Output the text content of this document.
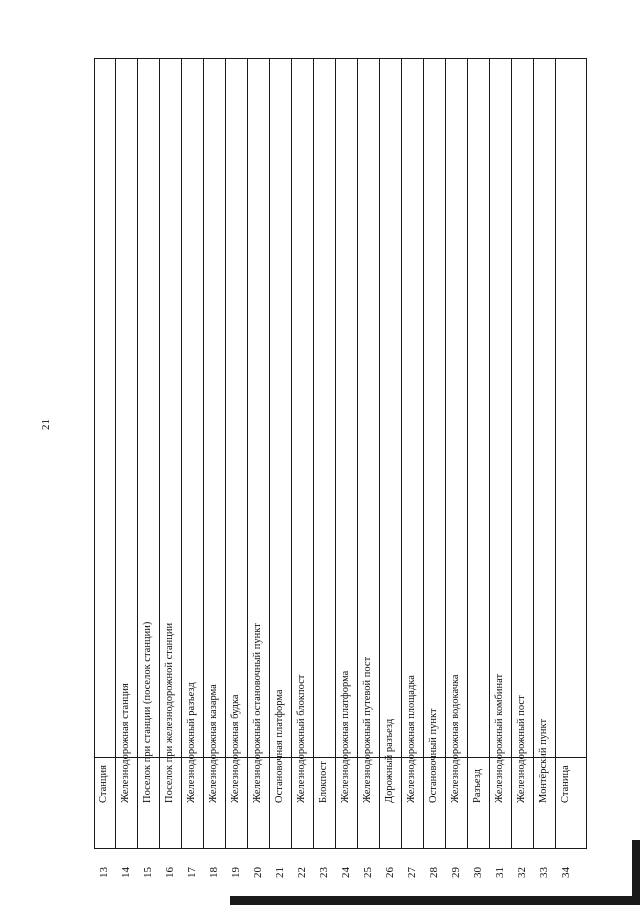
21
13
Станция
14
Железнодорожная станция
15
Поселок при станции (поселок станции)
16
Поселок при железнодорожной станции
17
Железнодорожный разъезд
18
Железнодорожная казарма
19
Железнодорожная будка
20
Железнодорожный остановочный пункт
21
Остановочная платформа
22
Железнодорожный блокпост
23
Блокпост
24
Железнодорожная платформа
25
Железнодорожный путевой пост
26
Дорожный разъезд
27
Железнодорожная площадка
28
Остановочный пункт
29
Железнодорожная водокачка
30
Разъезд
31
Железнодорожный комбинат
32
Железнодорожный пост
33
Монтёрский пункт
34
Станица
